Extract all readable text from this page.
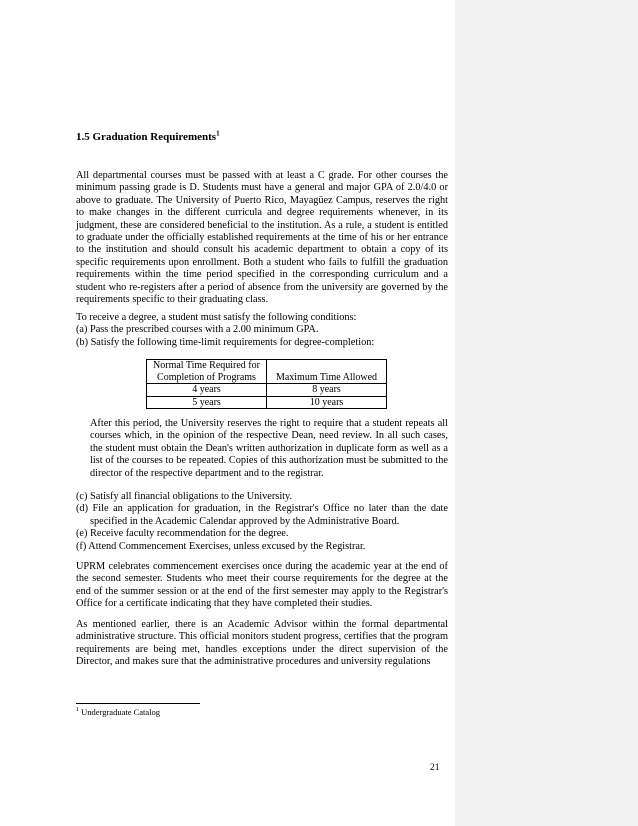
1.5 Graduation Requirements$^1$

All departmental courses must be passed with at least a C grade. For other courses the minimum passing grade is D. Students must have a general and major GPA of 2.0/4.0 or above to graduate. The University of Puerto Rico, Mayagüez Campus, reserves the right to make changes in the different curricula and degree requirements whenever, in its judgment, these are considered beneficial to the institution. As a rule, a student is entitled to graduate under the officially established requirements at the time of his or her entrance to the institution and should consult his academic department to obtain a copy of its specific requirements upon enrollment. Both a student who fails to fulfill the graduation requirements within the time period specified in the corresponding curriculum and a student who re-registers after a period of absence from the university are governed by the requirements specific to their graduating class.

To receive a degree, a student must satisfy the following conditions:

(a) Pass the prescribed courses with a 2.00 minimum GPA.

(b) Satisfy the following time-limit requirements for degree-completion:

Normal Time Required for Completion of Programs	Maximum Time Allowed
4 years	8 years
5 years	10 years

After this period, the University reserves the right to require that a student repeats all courses which, in the opinion of the respective Dean, need review. In all such cases, the student must obtain the Dean's written authorization in duplicate form as well as a list of the courses to be repeated. Copies of this authorization must be submitted to the director of the respective department and to the registrar.

(c) Satisfy all financial obligations to the University.

(d) File an application for graduation, in the Registrar's Office no later than the date specified in the Academic Calendar approved by the Administrative Board.

(e) Receive faculty recommendation for the degree.

(f) Attend Commencement Exercises, unless excused by the Registrar.

UPRM celebrates commencement exercises once during the academic year at the end of the second semester. Students who meet their course requirements for the degree at the end of the summer session or at the end of the first semester may apply to the Registrar's Office for a certificate indicating that they have completed their studies.

As mentioned earlier, there is an Academic Advisor within the formal departmental administrative structure. This official monitors student progress, certifies that the program requirements are being met, handles exceptions under the direct supervision of the Director, and makes sure that the administrative procedures and university regulations

$^1$ Undergraduate Catalog
21
